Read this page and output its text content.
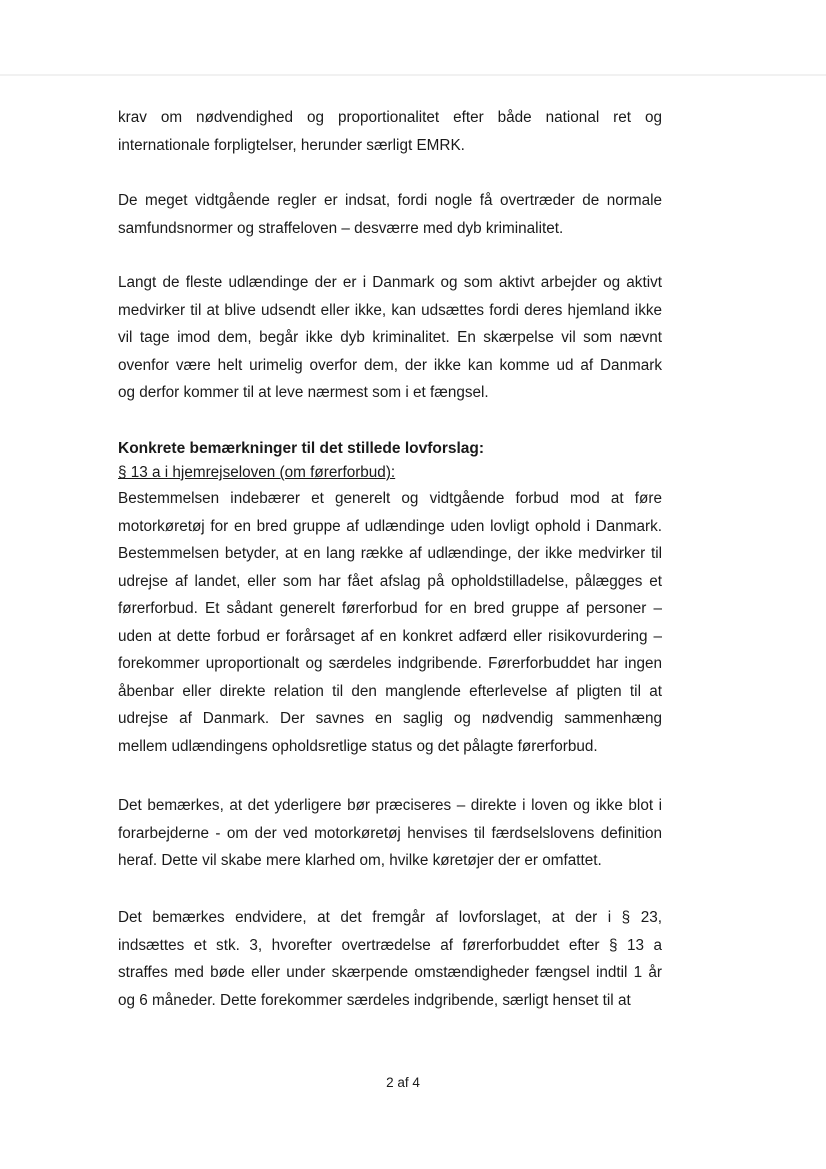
krav om nødvendighed og proportionalitet efter både national ret og
internationale forpligtelser, herunder særligt EMRK.
De meget vidtgående regler er indsat, fordi nogle få overtræder de normale
samfundsnormer og straffeloven – desværre med dyb kriminalitet.
Langt de fleste udlændinge der er i Danmark og som aktivt arbejder og aktivt
medvirker til at blive udsendt eller ikke, kan udsættes fordi deres hjemland ikke
vil tage imod dem, begår ikke dyb kriminalitet. En skærpelse vil som nævnt
ovenfor være helt urimelig overfor dem, der ikke kan komme ud af Danmark
og derfor kommer til at leve nærmest som i et fængsel.
Konkrete bemærkninger til det stillede lovforslag:
§ 13 a i hjemrejseloven (om førerforbud):
Bestemmelsen indebærer et generelt og vidtgående forbud mod at føre
motorkøretøj for en bred gruppe af udlændinge uden lovligt ophold i Danmark.
Bestemmelsen betyder, at en lang række af udlændinge, der ikke medvirker til
udrejse af landet, eller som har fået afslag på opholdstilladelse, pålægges et
førerforbud. Et sådant generelt førerforbud for en bred gruppe af personer –
uden at dette forbud er forårsaget af en konkret adfærd eller risikovurdering –
forekommer uproportionalt og særdeles indgribende. Førerforbuddet har ingen
åbenbar eller direkte relation til den manglende efterlevelse af pligten til at
udrejse af Danmark. Der savnes en saglig og nødvendig sammenhæng
mellem udlændingens opholdsretlige status og det pålagte førerforbud.
Det bemærkes, at det yderligere bør præciseres – direkte i loven og ikke blot i
forarbejderne - om der ved motorkøretøj henvises til færdselslovens definition
heraf. Dette vil skabe mere klarhed om, hvilke køretøjer der er omfattet.
Det bemærkes endvidere, at det fremgår af lovforslaget, at der i § 23,
indsættes et stk. 3, hvorefter overtrædelse af førerforbuddet efter § 13 a
straffes med bøde eller under skærpende omstændigheder fængsel indtil 1 år
og 6 måneder. Dette forekommer særdeles indgribende, særligt henset til at
2 af 4
